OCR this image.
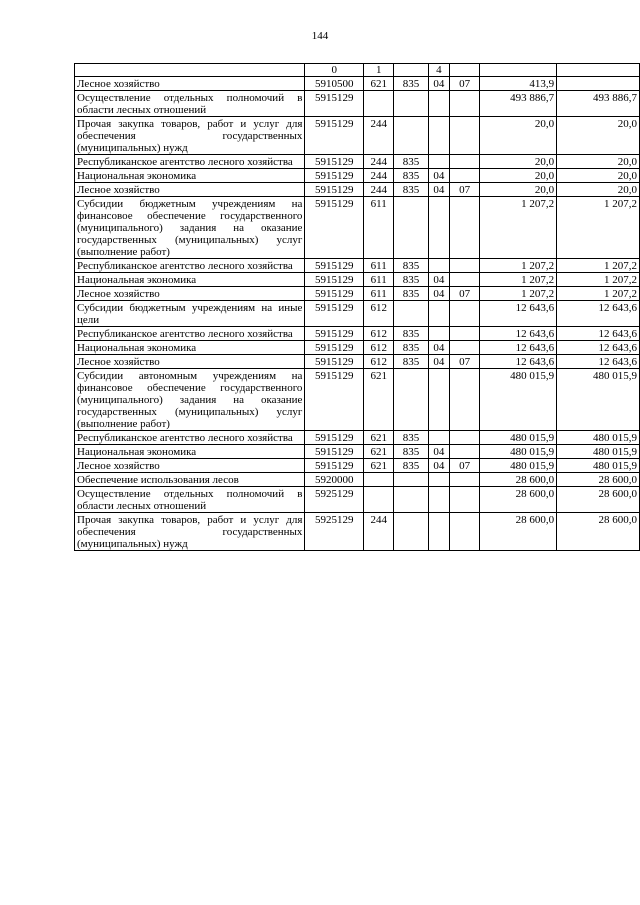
144
	0	1		4			
Лесное хозяйство	5910500	621	835	04	07	413,9	
Осуществление отдельных полномочий в области лесных отношений	5915129					493 886,7	493 886,7
Прочая закупка товаров, работ и услуг для обеспечения государственных (муниципальных) нужд	5915129	244				20,0	20,0
Республиканское агентство лесного хозяйства	5915129	244	835			20,0	20,0
Национальная экономика	5915129	244	835	04		20,0	20,0
Лесное хозяйство	5915129	244	835	04	07	20,0	20,0
Субсидии бюджетным учреждениям на финансовое обеспечение государственного (муниципального) задания на оказание государственных (муниципальных) услуг (выполнение работ)	5915129	611				1 207,2	1 207,2
Республиканское агентство лесного хозяйства	5915129	611	835			1 207,2	1 207,2
Национальная экономика	5915129	611	835	04		1 207,2	1 207,2
Лесное хозяйство	5915129	611	835	04	07	1 207,2	1 207,2
Субсидии бюджетным учреждениям на иные цели	5915129	612				12 643,6	12 643,6
Республиканское агентство лесного хозяйства	5915129	612	835			12 643,6	12 643,6
Национальная экономика	5915129	612	835	04		12 643,6	12 643,6
Лесное хозяйство	5915129	612	835	04	07	12 643,6	12 643,6
Субсидии автономным учреждениям на финансовое обеспечение государственного (муниципального) задания на оказание государственных (муниципальных) услуг (выполнение работ)	5915129	621				480 015,9	480 015,9
Республиканское агентство лесного хозяйства	5915129	621	835			480 015,9	480 015,9
Национальная экономика	5915129	621	835	04		480 015,9	480 015,9
Лесное хозяйство	5915129	621	835	04	07	480 015,9	480 015,9
Обеспечение использования лесов	5920000					28 600,0	28 600,0
Осуществление отдельных полномочий в области лесных отношений	5925129					28 600,0	28 600,0
Прочая закупка товаров, работ и услуг для обеспечения государственных (муниципальных) нужд	5925129	244				28 600,0	28 600,0
